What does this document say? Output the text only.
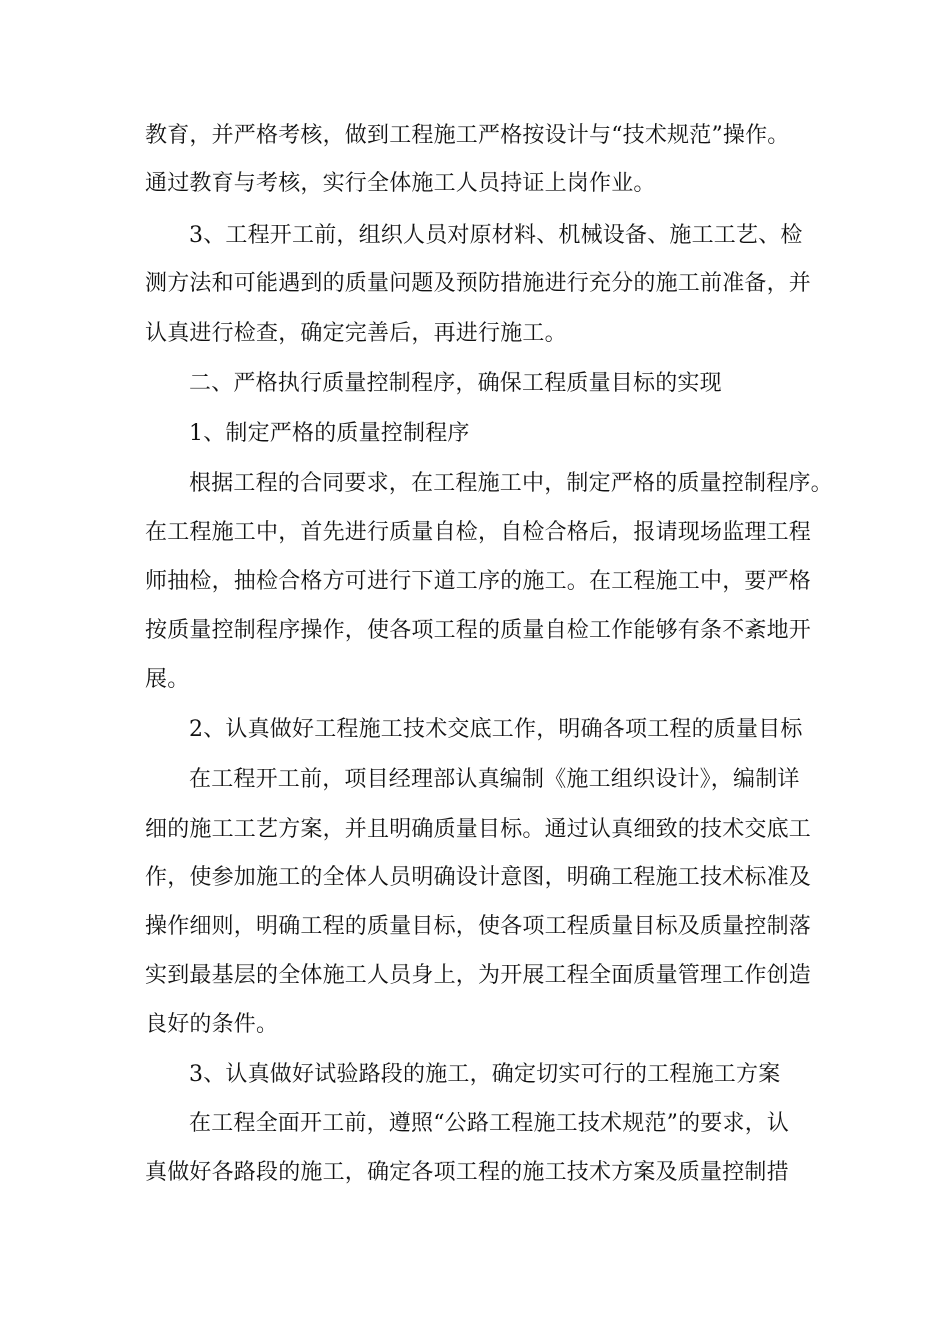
教育，并严格考核，做到工程施工严格按设计与“技术规范”操作。
通过教育与考核，实行全体施工人员持证上岗作业。
3、工程开工前，组织人员对原材料、机械设备、施工工艺、检
测方法和可能遇到的质量问题及预防措施进行充分的施工前准备，并
认真进行检查，确定完善后，再进行施工。
二、严格执行质量控制程序，确保工程质量目标的实现
1、制定严格的质量控制程序
根据工程的合同要求，在工程施工中，制定严格的质量控制程序。
在工程施工中，首先进行质量自检，自检合格后，报请现场监理工程
师抽检，抽检合格方可进行下道工序的施工。在工程施工中，要严格
按质量控制程序操作，使各项工程的质量自检工作能够有条不紊地开
展。
2、认真做好工程施工技术交底工作，明确各项工程的质量目标
在工程开工前，项目经理部认真编制《施工组织设计》，编制详
细的施工工艺方案，并且明确质量目标。通过认真细致的技术交底工
作，使参加施工的全体人员明确设计意图，明确工程施工技术标准及
操作细则，明确工程的质量目标，使各项工程质量目标及质量控制落
实到最基层的全体施工人员身上，为开展工程全面质量管理工作创造
良好的条件。
3、认真做好试验路段的施工，确定切实可行的工程施工方案
在工程全面开工前，遵照“公路工程施工技术规范”的要求，认
真做好各路段的施工，确定各项工程的施工技术方案及质量控制措
